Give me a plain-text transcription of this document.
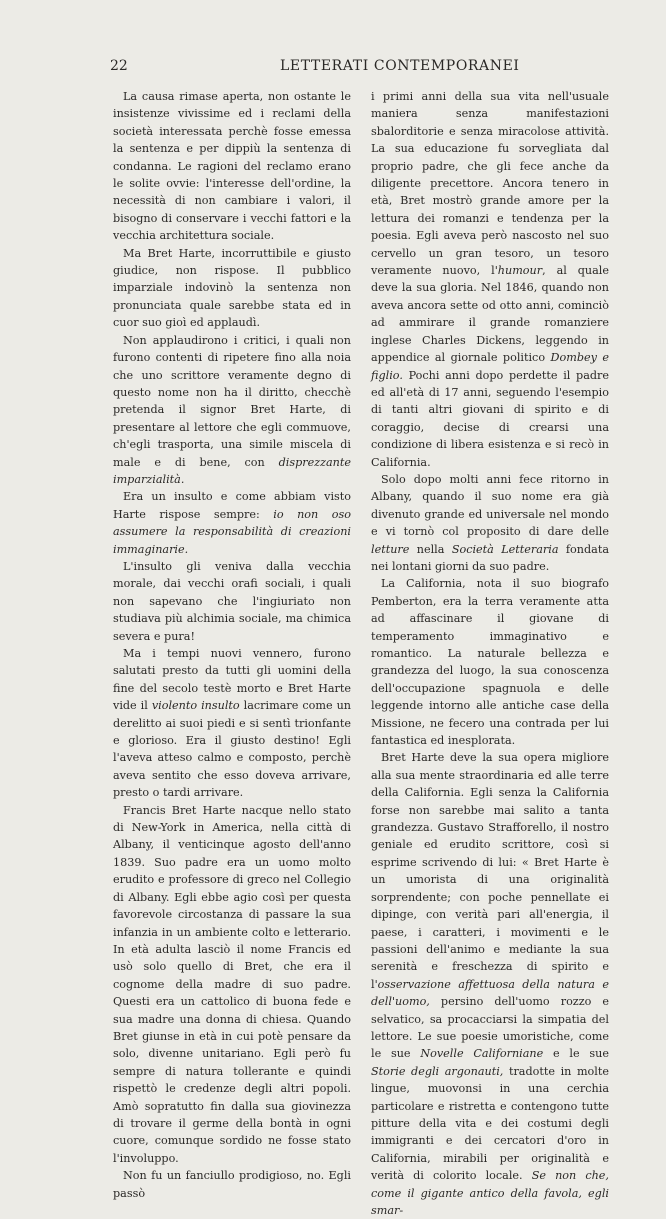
22	LETTERATI CONTEMPORANEI

La causa rimase aperta, non ostante le insistenze vivissime ed i reclami della società interessata perchè fosse emessa la sentenza e per dippiù la sentenza di condanna. Le ragioni del reclamo erano le solite ovvie: l'interesse dell'ordine, la necessità di non cambiare i valori, il bisogno di conservare i vecchi fattori e la vecchia architettura sociale.

Ma Bret Harte, incorruttibile e giusto giudice, non rispose. Il pubblico imparziale indovinò la sentenza non pronunciata quale sarebbe stata ed in cuor suo gioì ed applaudì.

Non applaudirono i critici, i quali non furono contenti di ripetere fino alla noia che uno scrittore veramente degno di questo nome non ha il diritto, checchè pretenda il signor Bret Harte, di presentare al lettore che egli commuove, ch'egli trasporta, una simile miscela di male e di bene, con disprezzante imparzialità.

Era un insulto e come abbiam visto Harte rispose sempre: io non oso assumere la responsabilità di creazioni immaginarie.

L'insulto gli veniva dalla vecchia morale, dai vecchi orafi sociali, i quali non sapevano che l'ingiuriato non studiava più alchimia sociale, ma chimica severa e pura!

Ma i tempi nuovi vennero, furono salutati presto da tutti gli uomini della fine del secolo testè morto e Bret Harte vide il violento insulto lacrimare come un derelitto ai suoi piedi e si sentì trionfante e glorioso. Era il giusto destino! Egli l'aveva atteso calmo e composto, perchè aveva sentito che esso doveva arrivare, presto o tardi arrivare.

Francis Bret Harte nacque nello stato di New-York in America, nella città di Albany, il venticinque agosto dell'anno 1839. Suo padre era un uomo molto erudito e professore di greco nel Collegio di Albany. Egli ebbe agio così per questa favorevole circostanza di passare la sua infanzia in un ambiente colto e letterario. In età adulta lasciò il nome Francis ed usò solo quello di Bret, che era il cognome della madre di suo padre. Questi era un cattolico di buona fede e sua madre una donna di chiesa. Quando Bret giunse in età in cui potè pensare da solo, divenne unitariano. Egli però fu sempre di natura tollerante e quindi rispettò le credenze degli altri popoli. Amò sopratutto fin dalla sua giovinezza di trovare il germe della bontà in ogni cuore, comunque sordido ne fosse stato l'involuppo.

Non fu un fanciullo prodigioso, no. Egli passò

i primi anni della sua vita nell'usuale maniera senza manifestazioni sbalorditorie e senza miracolose attività. La sua educazione fu sorvegliata dal proprio padre, che gli fece anche da diligente precettore. Ancora tenero in età, Bret mostrò grande amore per la lettura dei romanzi e tendenza per la poesia. Egli aveva però nascosto nel suo cervello un gran tesoro, un tesoro veramente nuovo, l'humour, al quale deve la sua gloria. Nel 1846, quando non aveva ancora sette od otto anni, cominciò ad ammirare il grande romanziere inglese Charles Dickens, leggendo in appendice al giornale politico Dombey e figlio. Pochi anni dopo perdette il padre ed all'età di 17 anni, seguendo l'esempio di tanti altri giovani di spirito e di coraggio, decise di crearsi una condizione di libera esistenza e si recò in California.

Solo dopo molti anni fece ritorno in Albany, quando il suo nome era già divenuto grande ed universale nel mondo e vi tornò col proposito di dare delle letture nella Società Letteraria fondata nei lontani giorni da suo padre.

La California, nota il suo biografo Pemberton, era la terra veramente atta ad affascinare il giovane di temperamento immaginativo e romantico. La naturale bellezza e grandezza del luogo, la sua conoscenza dell'occupazione spagnuola e delle leggende intorno alle antiche case della Missione, ne fecero una contrada per lui fantastica ed inesplorata.

Bret Harte deve la sua opera migliore alla sua mente straordinaria ed alle terre della California. Egli senza la California forse non sarebbe mai salito a tanta grandezza. Gustavo Strafforello, il nostro geniale ed erudito scrittore, così si esprime scrivendo di lui: « Bret Harte è un umorista di una originalità sorprendente; con poche pennellate ei dipinge, con verità pari all'energia, il paese, i caratteri, i movimenti e le passioni dell'animo e mediante la sua serenità e freschezza di spirito e l'osservazione affettuosa della natura e dell'uomo, persino dell'uomo rozzo e selvatico, sa procacciarsi la simpatia del lettore. Le sue poesie umoristiche, come le sue Novelle Californiane e le sue Storie degli argonauti, tradotte in molte lingue, muovonsi in una cerchia particolare e ristretta e contengono tutte pitture della vita e dei costumi degli immigranti e dei cercatori d'oro in California, mirabili per originalità e verità di colorito locale. Se non che, come il gigante antico della favola, egli smar-
